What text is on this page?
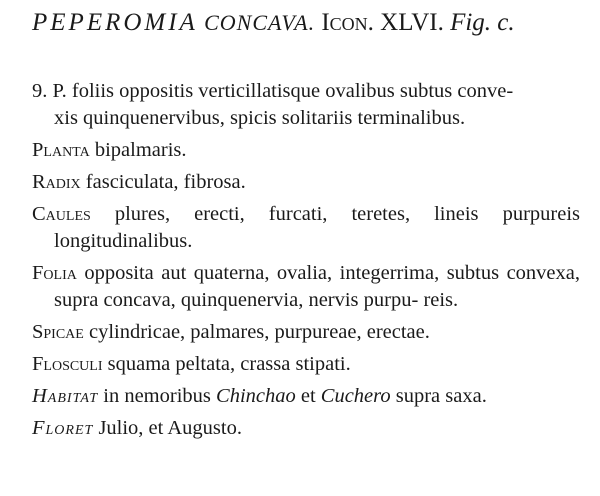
PEPEROMIA CONCAVA. Icon. XLVI. Fig. c.

9. P. foliis oppositis verticillatisque ovalibus subtus conve-
xis quinquenervibus, spicis solitariis terminalibus.

Planta bipalmaris.

Radix fasciculata, fibrosa.

Caules plures, erecti, furcati, teretes, lineis purpureis longitudinalibus.

Folia opposita aut quaterna, ovalia, integerrima, subtus convexa, supra concava, quinquenervia, nervis purpu- reis.

Spicae cylindricae, palmares, purpureae, erectae.

Flosculi squama peltata, crassa stipati.

Habitat in nemoribus Chinchao et Cuchero supra saxa.

Floret Julio, et Augusto.
